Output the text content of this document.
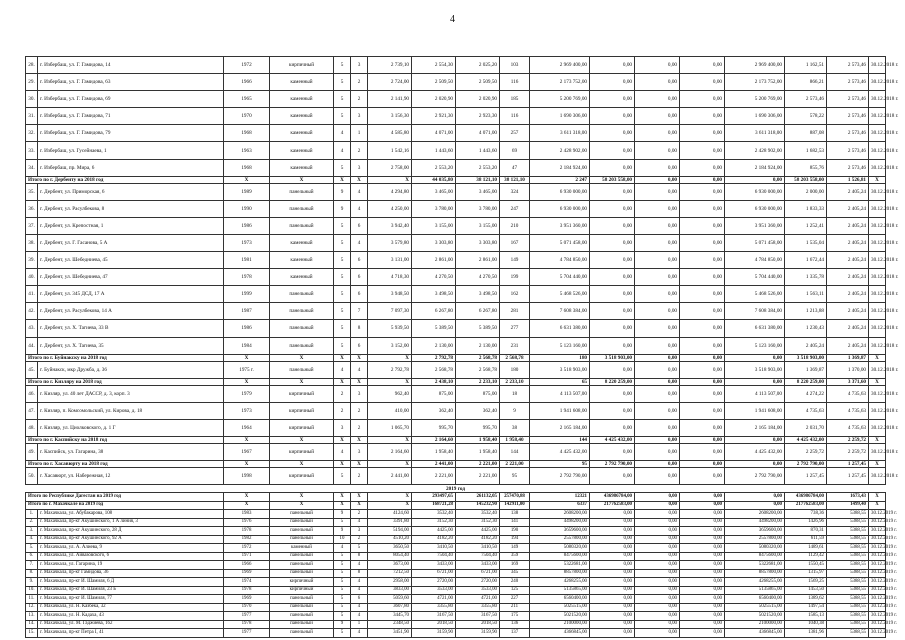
4
28.	г. Избербаш, ул. Г. Гамидова, 14	1972	кирпичный	5	3	2 739,10	2 554,30	2 025,20	103	2 969 400,00	0,00	0,00	0,00	2 969 400,00	1 162,51	2 573,46	30.12.2018 г.	
29.	г. Избербаш, ул. Г. Гамидова, 63	1966	каменный	5	2	2 724,00	2 509,50	2 509,50	116	2 173 752,00	0,00	0,00	0,00	2 173 752,00	866,21	2 573,46	30.12.2018 г.	
30.	г. Избербаш, ул. Г. Гамидова, 69	1965	каменный	5	2	2 141,90	2 020,90	2 020,90	185	5 200 769,00	0,00	0,00	0,00	5 200 769,00	2 573,46	2 573,46	30.12.2018 г.	
31.	г. Избербаш, ул. Г. Гамидова, 71	1970	каменный	5	3	3 156,30	2 921,30	2 923,30	116	1 690 306,00	0,00	0,00	0,00	1 690 306,00	578,22	2 573,46	30.12.2018 г.	
32.	г. Избербаш, ул. Г. Гамидова, 79	1968	каменный	4	1	4 585,80	4 071,00	4 071,00	257	3 611 318,00	0,00	0,00	0,00	3 611 318,00	887,08	2 573,46	30.12.2018 г.	
33.	г. Избербаш, ул. Гусейнаева, 1	1963	каменный	4	2	1 542,16	1 443,60	1 443,60	69	2 428 902,00	0,00	0,00	0,00	2 428 902,00	1 682,53	2 573,46	30.12.2018 г.	
34.	г. Избербаш, пр. Мира, 6	1968	каменный	5	3	2 758,00	2 553,20	2 553,20	47	2 184 924,00	0,00	0,00	0,00	2 184 924,00	855,76	2 573,46	30.12.2018 г.	
Итого по г. Дербенту на 2018 год		X	X	X	X	X	44 035,80	38 121,10	38 121,10	2 247	58 203 558,00	0,00	0,00	0,00	58 203 558,00	1 526,81	X	
35.	г. Дербент, ул. Приморская, 6	1989	панельный	9	4	4 294,80	3 465,00	3 465,00	324	6 930 000,00	0,00	0,00	0,00	6 930 000,00	2 000,00	2 405,24	30.12.2018 г.	
36.	г. Дербент, ул. Расулбекова, 8	1990	панельный	9	4	4 250,00	3 780,00	3 780,00	247	6 930 000,00	0,00	0,00	0,00	6 930 000,00	1 833,33	2 405,24	30.12.2018 г.	
37.	г. Дербент, ул. Крепостная, 1	1986	панельный	5	6	3 942,40	3 155,00	3 155,00	210	3 951 360,00	0,00	0,00	0,00	3 951 360,00	1 252,41	2 405,24	30.12.2018 г.	
38.	г. Дербент, ул. Г. Гасанова, 5 А	1973	каменный	5	4	3 579,80	3 303,80	3 303,80	167	5 071 458,00	0,00	0,00	0,00	5 071 458,00	1 535,04	2 405,24	30.12.2018 г.	
39.	г. Дербент, ул. Шебедниева, 45	1981	каменный	5	6	3 131,00	2 861,00	2 861,00	149	4 784 850,00	0,00	0,00	0,00	4 784 850,00	1 672,44	2 405,24	30.12.2018 г.	
40.	г. Дербент, ул. Шебедниева, 47	1978	каменный	5	6	4 718,30	4 270,50	4 270,50	199	5 704 440,00	0,00	0,00	0,00	5 704 440,00	1 335,78	2 405,24	30.12.2018 г.	
41.	г. Дербент, ул. 345 ДСД, 17 А	1999	панельный	5	6	3 948,50	3 498,50	3 498,50	162	5 468 526,00	0,00	0,00	0,00	5 468 526,00	1 563,11	2 405,24	30.12.2018 г.	
42.	г. Дербент, ул. Расулбекова, 14 А	1987	панельный	5	7	7 097,30	6 267,80	6 267,80	281	7 608 384,00	0,00	0,00	0,00	7 608 384,00	1 213,88	2 405,24	30.12.2018 г.	
43.	г. Дербент, ул. Х. Тагиева, 33 В	1986	панельный	5	8	5 939,50	5 389,50	5 389,50	277	6 631 380,00	0,00	0,00	0,00	6 631 380,00	1 230,43	2 405,24	30.12.2018 г.	
44.	г. Дербент, ул. Х. Тагиева, 35	1984	панельный	5	6	3 152,00	2 130,00	2 130,00	231	5 123 160,00	0,00	0,00	0,00	5 123 160,00	2 405,24	2 405,24	30.12.2018 г.	
Итого по г. Буйнакску на 2018 год		X	X	X	X	X	2 792,78	2 568,78	2 568,78	180	3 518 903,00	0,00	0,00	0,00	3 518 903,00	1 369,87	X	
45.	г. Буйнакск, мкр Дружба, д. 36	1975 г.	панельный	4	4	2 792,78	2 568,78	2 568,78	180	3 518 903,00	0,00	0,00	0,00	3 518 903,00	1 369,87	1 370,00	30.12.2018 г.	
Итого по г. Кизляру на 2018 год		X	X	X	X	X	2 438,10	2 233,10	2 233,10	65	8 220 259,00	0,00	0,00	0,00	8 220 259,00	3 371,60	X	
46.	г. Кизляр, ул. 40 лет ДАССР, д. 3, корп. 3	1979	кирпичный	2	3	962,40	875,00	875,00	18	4 113 507,00	0,00	0,00	0,00	4 113 507,00	4 274,22	4 735,63	30.12.2018 г.	
47.	г. Кизляр, п. Комсомольский, ул. Кирова, д. 18	1973	кирпичный	2	2	410,00	362,40	362,40	9	1 941 608,00	0,00	0,00	0,00	1 941 608,00	4 735,63	4 735,63	30.12.2018 г.	
48.	г. Кизляр, ул. Циолковского, д. 1 Г	1964	кирпичный	3	2	1 065,70	995,70	995,70	38	2 165 184,00	0,00	0,00	0,00	2 165 184,00	2 031,70	4 735,63	30.12.2018 г.	
Итого по г. Каспийску на 2018 год		X	X	X	X	X	2 164,60	1 958,40	1 958,40	144	4 425 432,00	0,00	0,00	0,00	4 425 432,00	2 259,72	X	
49.	г. Каспийск, ул. Гагарина, 38	1967	кирпичный	4	3	2 164,60	1 958,40	1 958,40	144	4 425 432,00	0,00	0,00	0,00	4 425 432,00	2 259,72	2 259,72	30.12.2018 г.	
Итого по г. Хасавюрту на 2018 год		X	X	X	X	X	2 441,00	2 221,00	2 221,00	95	2 792 790,00	0,00	0,00	0,00	2 792 790,00	1 257,45	X	
50.	г. Хасавюрт, ул. Набережная, 12	1998	кирпичный	5	2	2 441,00	2 221,00	2 221,00	95	2 792 790,00	0,00	0,00	0,00	2 792 790,00	1 257,45	1 257,45	30.12.2018 г.	
2019 год																		
Итого по Республике Дагестан на 2019 год		X	X	X	X	X	293497,65	261132,05	257470,88	12321	436986784,00	0,00	0,00	0,00	436986784,00	1673,43	X	
Итого по г. Махачкале на 2019 год		X	X	X	X	X	168721,28	145232,90	142911,00	6337	217762583,00	0,00	0,00	0,00	217762583,00	1499,40	X	
1.	г. Махачкала, ул. Абубакарова, 108	1983	панельный	9	2	4124,60	3532,40	3532,40	138	2608200,00	0,00	0,00	0,00	2608200,00	738,36	5388,55	30.12.2019 г.	
2.	г. Махачкала, пр-кт Акушинского, 1 А линия, 3	1976	панельный	5	4	3391,80	3152,30	3152,30	141	4498200,00	0,00	0,00	0,00	4498200,00	1426,96	5388,55	30.12.2019 г.	
3.	г. Махачкала, пр-кт Акушинского, 28 Д	1978	панельный	9	3	5194,00	4425,00	4425,00	190	3659600,00	0,00	0,00	0,00	3659600,00	870,31	5388,55	30.12.2019 г.	
4.	г. Махачкала, пр-кт Акушинского, 92 А	1982	панельный	10	2	4510,20	4182,20	4182,20	194	2557800,00	0,00	0,00	0,00	2557800,00	611,59	5388,55	30.12.2019 г.	
5.	г. Махачкала, ул. А. Алиева, 9	1972	каменный	4	5	3650,50	3410,50	3410,50	149	5080320,00	0,00	0,00	0,00	5080320,00	1489,61	5388,55	30.12.2019 г.	
6.	г. Махачкала, ул. Айвазовского, 6	1971	панельный	5	8	8054,40	7504,40	7504,40	359	8475600,00	0,00	0,00	0,00	8475600,00	1129,42	5388,55	30.12.2019 г.	
7.	г. Махачкала, ул. Гагарина, 19	1966	панельный	5	4	3673,00	3433,00	3433,00	169	5322681,00	0,00	0,00	0,00	5322681,00	1550,45	5388,55	30.12.2019 г.	
8.	г. Махачкала, пр-кт Гамидова, 36	1969	панельный	5	8	7212,50	6721,00	6721,00	345	8857800,00	0,00	0,00	0,00	8857800,00	1315,97	5388,55	30.12.2019 г.	
9.	г. Махачкала, пр-кт И. Шамиля, 6 Д	1974	кирпичный	5	4	2958,00	2720,00	2720,00	240	4268255,00	0,00	0,00	0,00	4268255,00	1569,25	5388,55	30.12.2019 г.	
10.	г. Махачкала, пр-кт И. Шамиля, 23 Б	1978	кирпичный	5	4	3833,00	3533,00	3533,00	125	5135865,00	0,00	0,00	0,00	5135865,00	1453,50	5388,55	30.12.2019 г.	
11.	г. Махачкала, пр-кт И. Шамиля, 77	1969	панельный	5	6	5059,60	4721,00	4721,00	227	6560400,00	0,00	0,00	0,00	6560400,00	1389,62	5388,55	30.12.2019 г.	
12.	г. Махачкала, ул. Н. Казбека, 32	1970	панельный	5	4	3607,80	3355,80	3355,80	211	5025515,00	0,00	0,00	0,00	5025515,00	1497,54	5388,55	30.12.2019 г.	
13.	г. Махачкала, ул. Н. Кадаха, 43	1977	панельный	5	4	3445,70	3167,50	3167,50	175	5021520,00	0,00	0,00	0,00	5021520,00	1585,13	5388,55	30.12.2019 г.	
14.	г. Махачкала, ул. М. Гаджиева, 162	1978	панельный	9	1	2348,50	2018,50	2018,50	136	2100000,00	0,00	0,00	0,00	2100000,00	1040,38	5388,55	30.12.2019 г.	
15.	г. Махачкала, пр-кт Петра I, 41	1977	панельный	5	4	3451,90	3159,90	3159,90	137	4366845,00	0,00	0,00	0,00	4366845,00	1381,96	5388,55	30.12.2019 г.	
